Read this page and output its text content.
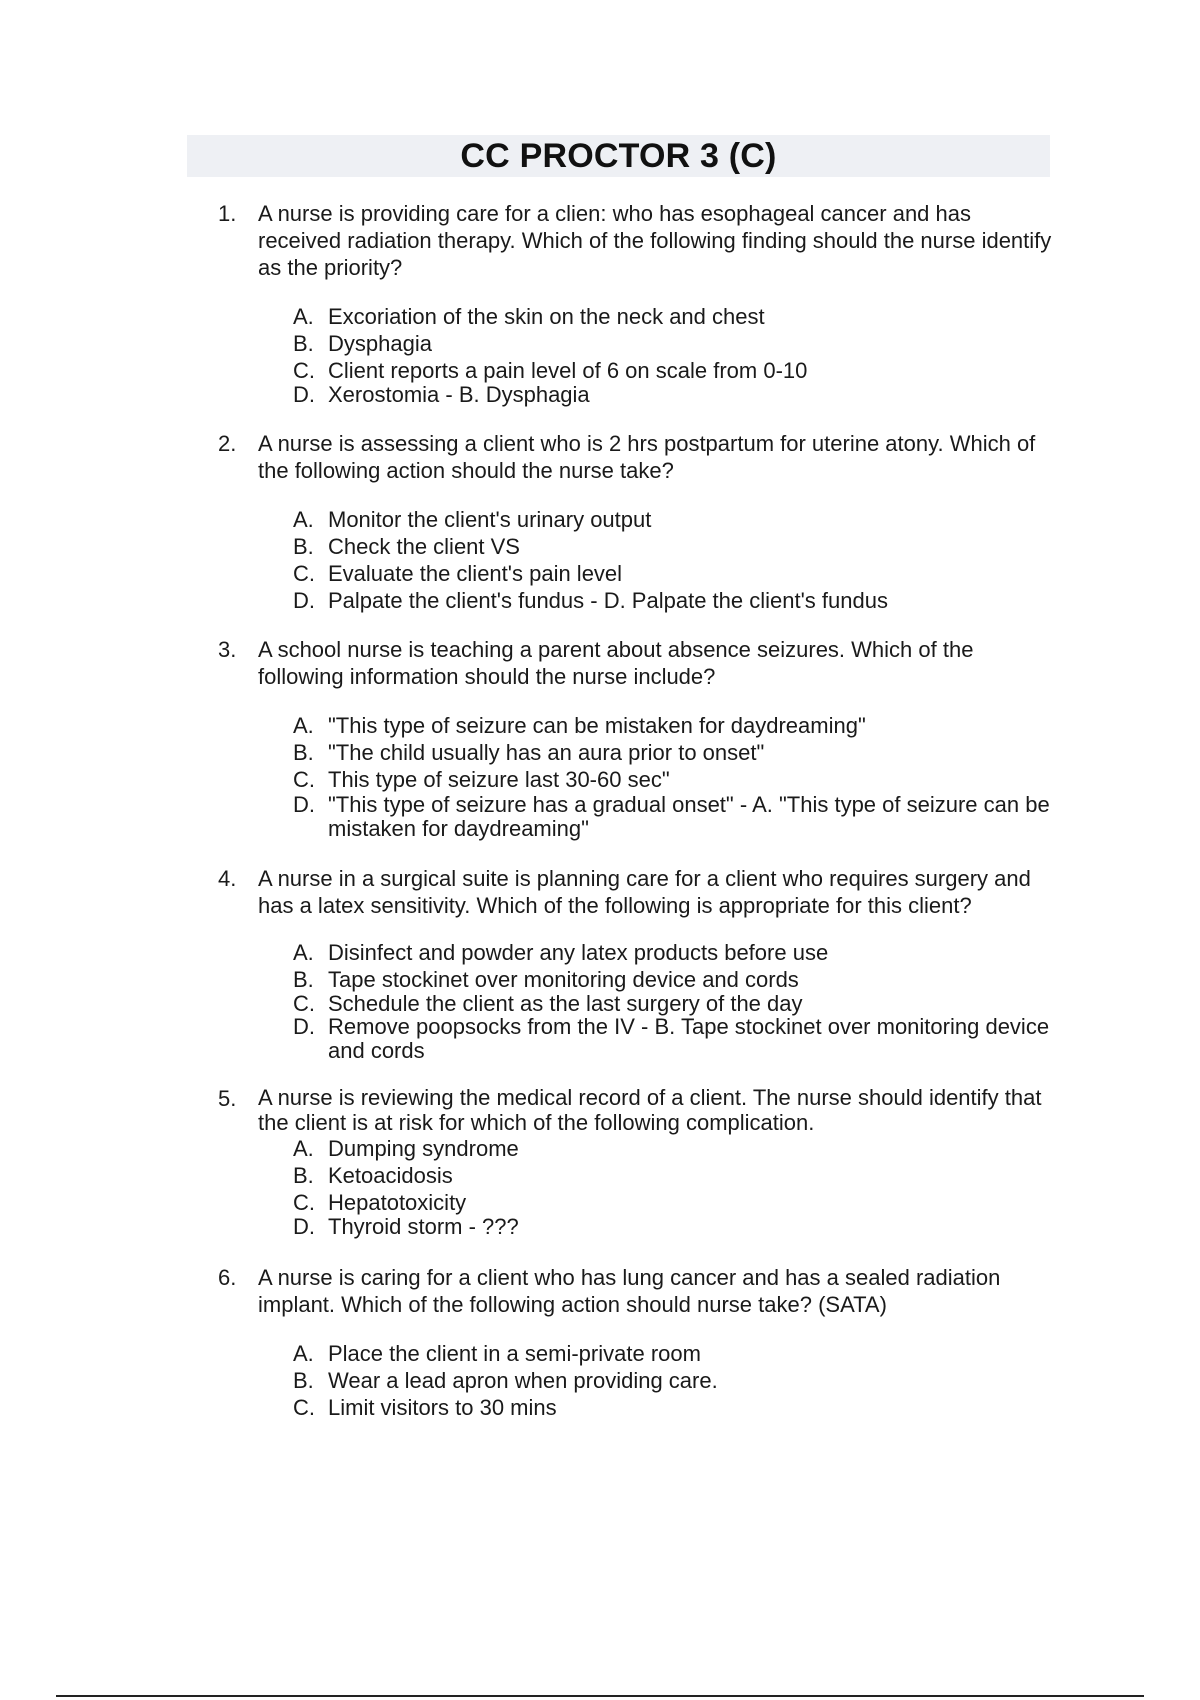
CC PROCTOR 3 (C)
1. A nurse is providing care for a clien: who has esophageal cancer and has received radiation therapy. Which of the following finding should the nurse identify as the priority?
A. Excoriation of the skin on the neck and chest
B. Dysphagia
C. Client reports a pain level of 6 on scale from 0-10
D. Xerostomia - B. Dysphagia
2. A nurse is assessing a client who is 2 hrs postpartum for uterine atony. Which of the following action should the nurse take?
A. Monitor the client's urinary output
B. Check the client VS
C. Evaluate the client's pain level
D. Palpate the client's fundus - D. Palpate the client's fundus
3. A school nurse is teaching a parent about absence seizures. Which of the following information should the nurse include?
A. "This type of seizure can be mistaken for daydreaming"
B. "The child usually has an aura prior to onset"
C. This type of seizure last 30-60 sec"
D. "This type of seizure has a gradual onset" - A. "This type of seizure can be mistaken for daydreaming"
4. A nurse in a surgical suite is planning care for a client who requires surgery and has a latex sensitivity. Which of the following is appropriate for this client?
A. Disinfect and powder any latex products before use
B. Tape stockinet over monitoring device and cords
C. Schedule the client as the last surgery of the day
D. Remove poopsocks from the IV - B. Tape stockinet over monitoring device and cords
5. A nurse is reviewing the medical record of a client. The nurse should identify that the client is at risk for which of the following complication.
A. Dumping syndrome
B. Ketoacidosis
C. Hepatotoxicity
D. Thyroid storm - ???
6. A nurse is caring for a client who has lung cancer and has a sealed radiation implant. Which of the following action should nurse take? (SATA)
A. Place the client in a semi-private room
B. Wear a lead apron when providing care.
C. Limit visitors to 30 mins
